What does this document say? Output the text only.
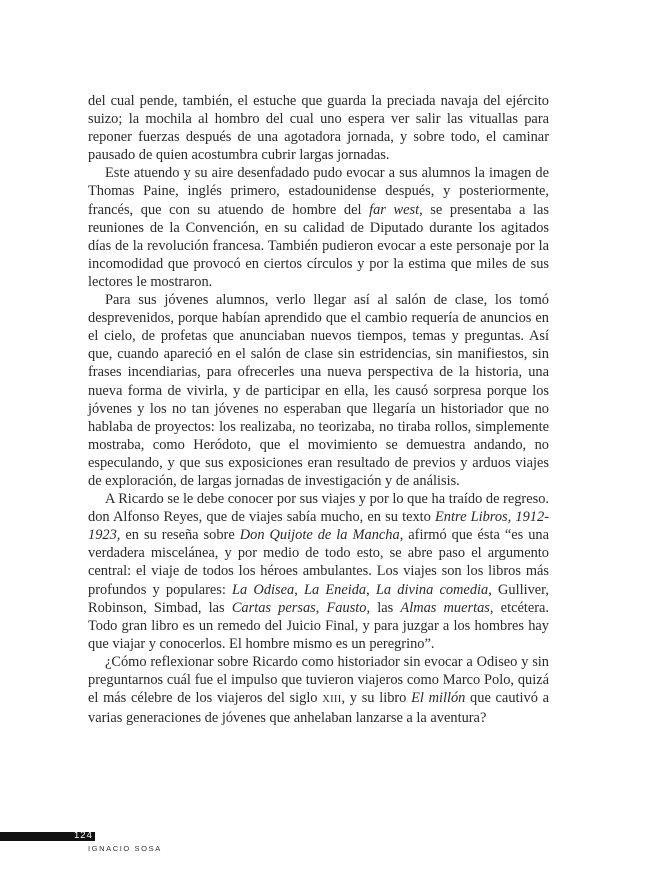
del cual pende, también, el estuche que guarda la preciada navaja del ejército suizo; la mochila al hombro del cual uno espera ver salir las vituallas para reponer fuerzas después de una agotadora jornada, y sobre todo, el caminar pausado de quien acostumbra cubrir largas jornadas.

Este atuendo y su aire desenfadado pudo evocar a sus alumnos la imagen de Thomas Paine, inglés primero, estadounidense después, y posteriormente, francés, que con su atuendo de hombre del far west, se presentaba a las reuniones de la Convención, en su calidad de Diputado durante los agitados días de la revolución francesa. También pudieron evocar a este personaje por la incomodidad que provocó en ciertos círculos y por la estima que miles de sus lectores le mostraron.

Para sus jóvenes alumnos, verlo llegar así al salón de clase, los tomó desprevenidos, porque habían aprendido que el cambio requería de anuncios en el cielo, de profetas que anunciaban nuevos tiempos, temas y preguntas. Así que, cuando apareció en el salón de clase sin estridencias, sin manifiestos, sin frases incendiarias, para ofrecerles una nueva perspectiva de la historia, una nueva forma de vivirla, y de participar en ella, les causó sorpresa porque los jóvenes y los no tan jóvenes no esperaban que llegaría un historiador que no hablaba de proyectos: los realizaba, no teorizaba, no tiraba rollos, simplemente mostraba, como Heródoto, que el movimiento se demuestra andando, no especulando, y que sus exposiciones eran resultado de previos y arduos viajes de exploración, de largas jornadas de investigación y de análisis.

A Ricardo se le debe conocer por sus viajes y por lo que ha traído de regreso. don Alfonso Reyes, que de viajes sabía mucho, en su texto Entre Libros, 1912-1923, en su reseña sobre Don Quijote de la Mancha, afirmó que ésta “es una verdadera miscelánea, y por medio de todo esto, se abre paso el argumento central: el viaje de todos los héroes ambulantes. Los viajes son los libros más profundos y populares: La Odisea, La Eneida, La divina comedia, Gulliver, Robinson, Simbad, las Cartas persas, Fausto, las Almas muertas, etcétera. Todo gran libro es un remedo del Juicio Final, y para juzgar a los hombres hay que viajar y conocerlos. El hombre mismo es un peregrino”.

¿Cómo reflexionar sobre Ricardo como historiador sin evocar a Odiseo y sin preguntarnos cuál fue el impulso que tuvieron viajeros como Marco Polo, quizá el más célebre de los viajeros del siglo XIII, y su libro El millón que cautivó a varias generaciones de jóvenes que anhelaban lanzarse a la aventura?

124
IGNACIO SOSA
